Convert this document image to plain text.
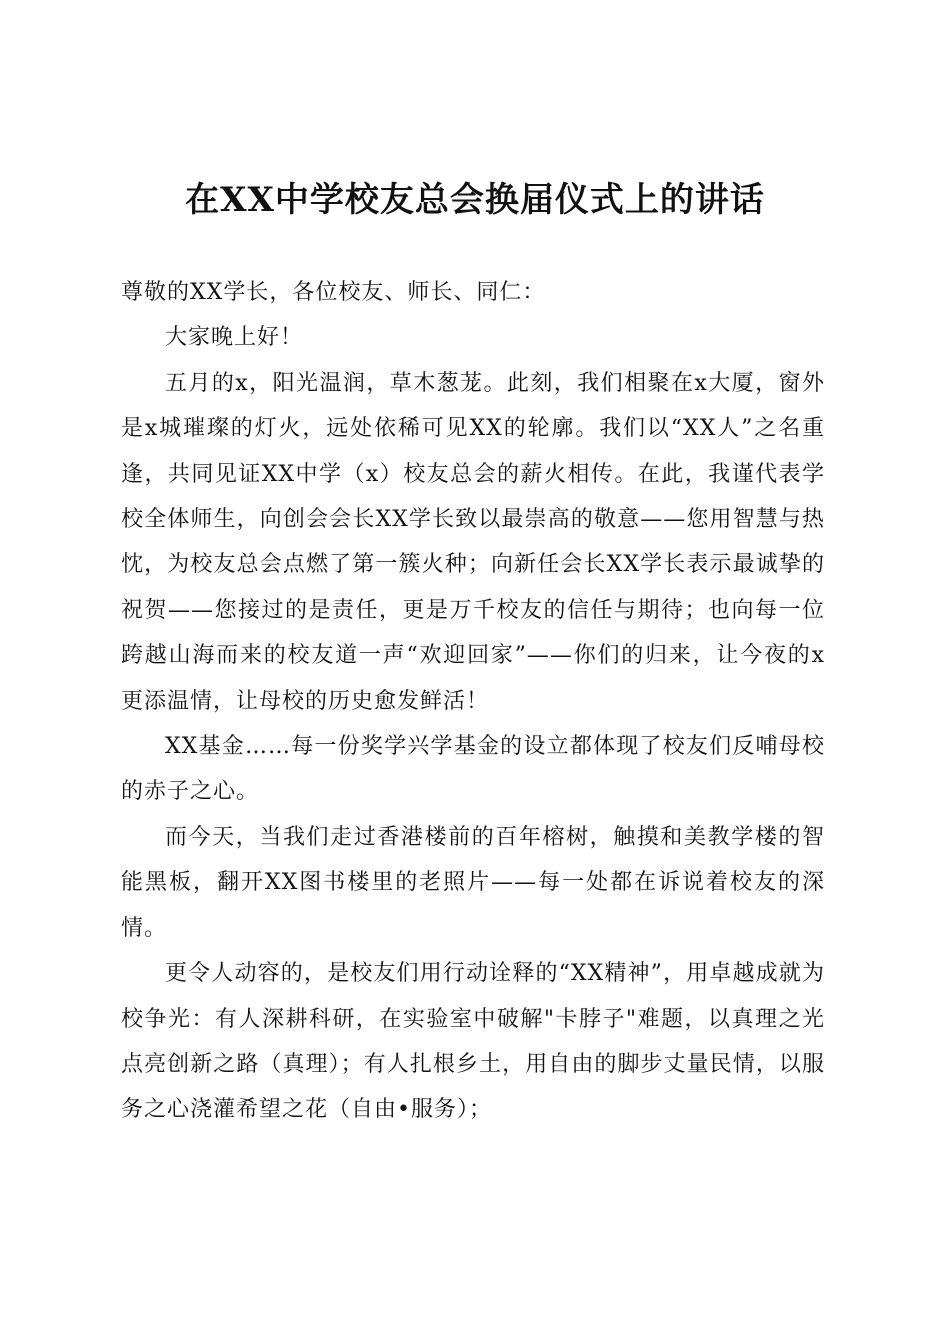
在XX中学校友总会换届仪式上的讲话

尊敬的XX学长，各位校友、师长、同仁：

大家晚上好！

五月的x，阳光温润，草木葱茏。此刻，我们相聚在x大厦，窗外是x城璀璨的灯火，远处依稀可见XX的轮廓。我们以“XX人”之名重逢，共同见证XX中学（x）校友总会的薪火相传。在此，我谨代表学校全体师生，向创会会长XX学长致以最崇高的敬意——您用智慧与热忱，为校友总会点燃了第一簇火种；向新任会长XX学长表示最诚挚的祝贺——您接过的是责任，更是万千校友的信任与期待；也向每一位跨越山海而来的校友道一声“欢迎回家”——你们的归来，让今夜的x更添温情，让母校的历史愈发鲜活！

XX基金……每一份奖学兴学基金的设立都体现了校友们反哺母校的赤子之心。

而今天，当我们走过香港楼前的百年榕树，触摸和美教学楼的智能黑板，翻开XX图书楼里的老照片——每一处都在诉说着校友的深情。

更令人动容的，是校友们用行动诠释的“XX精神”，用卓越成就为校争光：有人深耕科研，在实验室中破解"卡脖子"难题，以真理之光点亮创新之路（真理）；有人扎根乡土，用自由的脚步丈量民情，以服务之心浇灌希望之花（自由•服务）；
